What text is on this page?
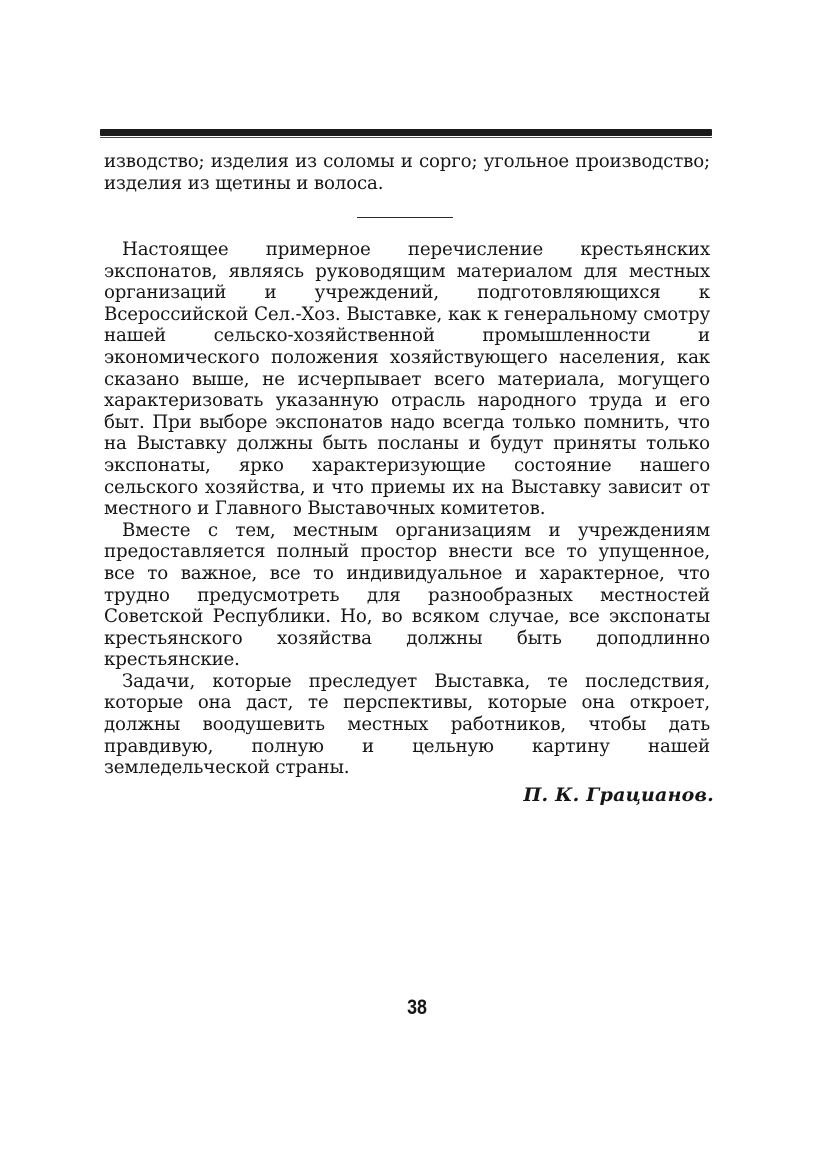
изводство; изделия из соломы и сорго; угольное производство; изделия из щетины и волоса.

Настоящее примерное перечисление крестьянских экспонатов, являясь руководящим материалом для местных организаций и учреждений, подготовляющихся к Всероссийской Сел.-Хоз. Выставке, как к генеральному смотру нашей сельско-хозяйственной промышленности и экономического положения хозяйствующего населения, как сказано выше, не исчерпывает всего материала, могущего характеризовать указанную отрасль народного труда и его быт. При выборе экспонатов надо всегда только помнить, что на Выставку должны быть посланы и будут приняты только экспонаты, ярко характеризующие состояние нашего сельского хозяйства, и что приемы их на Выставку зависит от местного и Главного Выставочных комитетов.

Вместе с тем, местным организациям и учреждениям предоставляется полный простор внести все то упущенное, все то важное, все то индивидуальное и характерное, что трудно предусмотреть для разнообразных местностей Советской Республики. Но, во всяком случае, все экспонаты крестьянского хозяйства должны быть доподлинно крестьянские.

Задачи, которые преследует Выставка, те последствия, которые она даст, те перспективы, которые она откроет, должны воодушевить местных работников, чтобы дать правдивую, полную и цельную картину нашей земледельческой страны.

П. К. Грацианов.
38
